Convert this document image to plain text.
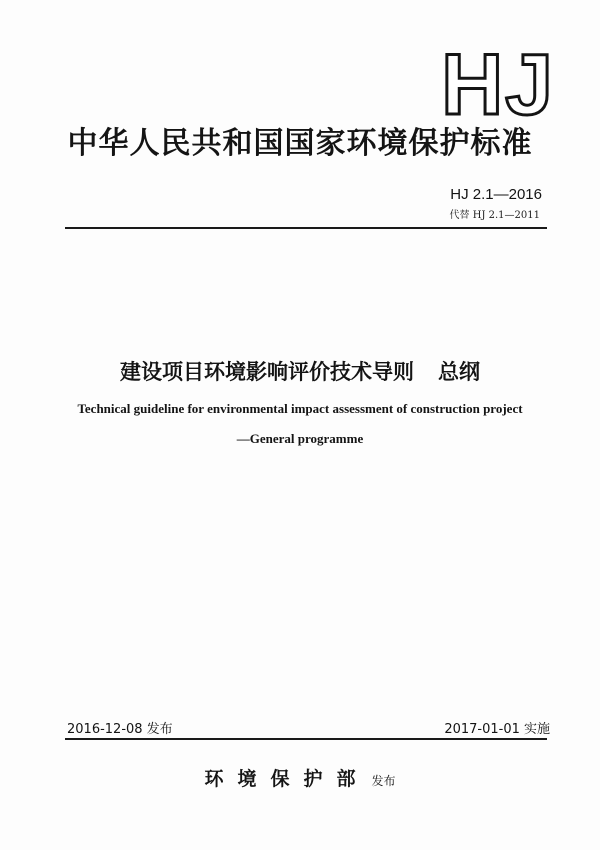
HJ
中华人民共和国国家环境保护标准
HJ 2.1—2016
代替 HJ 2.1—2011
建设项目环境影响评价技术导则 总纲
Technical guideline for environmental impact assessment of construction project
—General programme
2016-12-08 发布	2017-01-01 实施
环境保护部 发布
